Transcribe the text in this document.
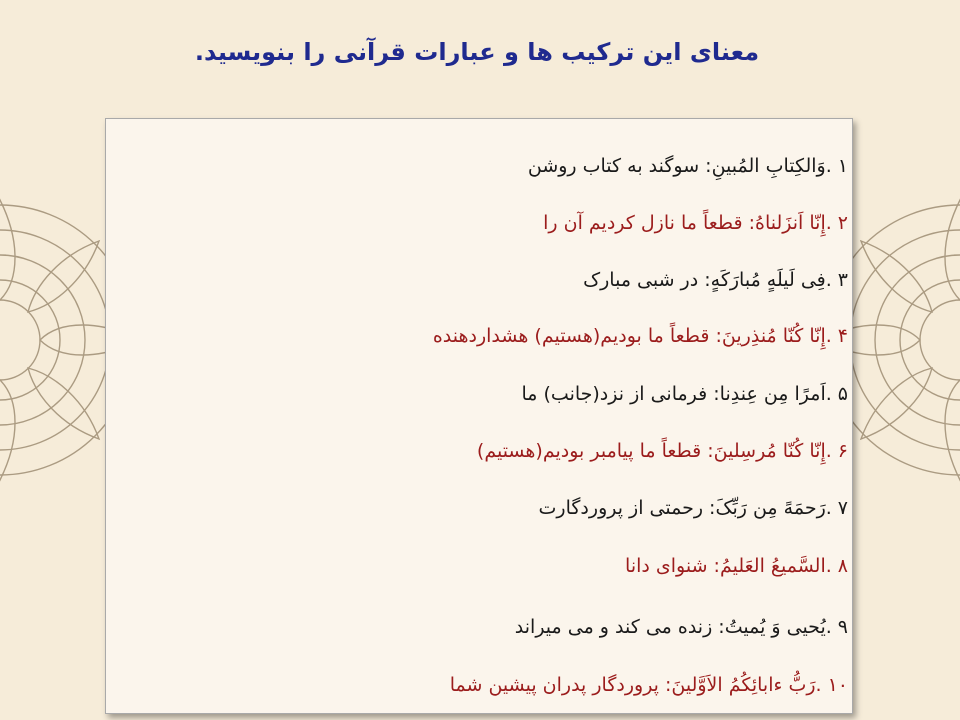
معنای این ترکیب ها و عبارات قرآنی را بنویسید.
۱.وَالکِتابِ المُبینِ: سوگند به کتاب روشن
۲.إِنّا اَنزَلناهُ: قطعاً ما نازل کردیم آن را
۳.فِی لَیلَهٍ مُبارَکَهٍ: در شبی مبارک
۴.إِنّا کُنّا مُنذِرینَ: قطعاً ما بودیم(هستیم) هشداردهنده
۵.اَمرًا مِن عِندِنا: فرمانی از نزد(جانب) ما
۶.إِنّا کُنّا مُرسِلینَ: قطعاً ما پیامبر بودیم(هستیم)
۷.رَحمَهً مِن رَبِّکَ: رحمتی از پروردگارت
۸.السَّمیعُ العَلیمُ: شنوای دانا
۹.یُحیی وَ یُمیتُ: زنده می کند و می میراند
۱۰.رَبُّ ءابائِکُمُ الاَوَّلینَ: پروردگار پدران پیشین شما
